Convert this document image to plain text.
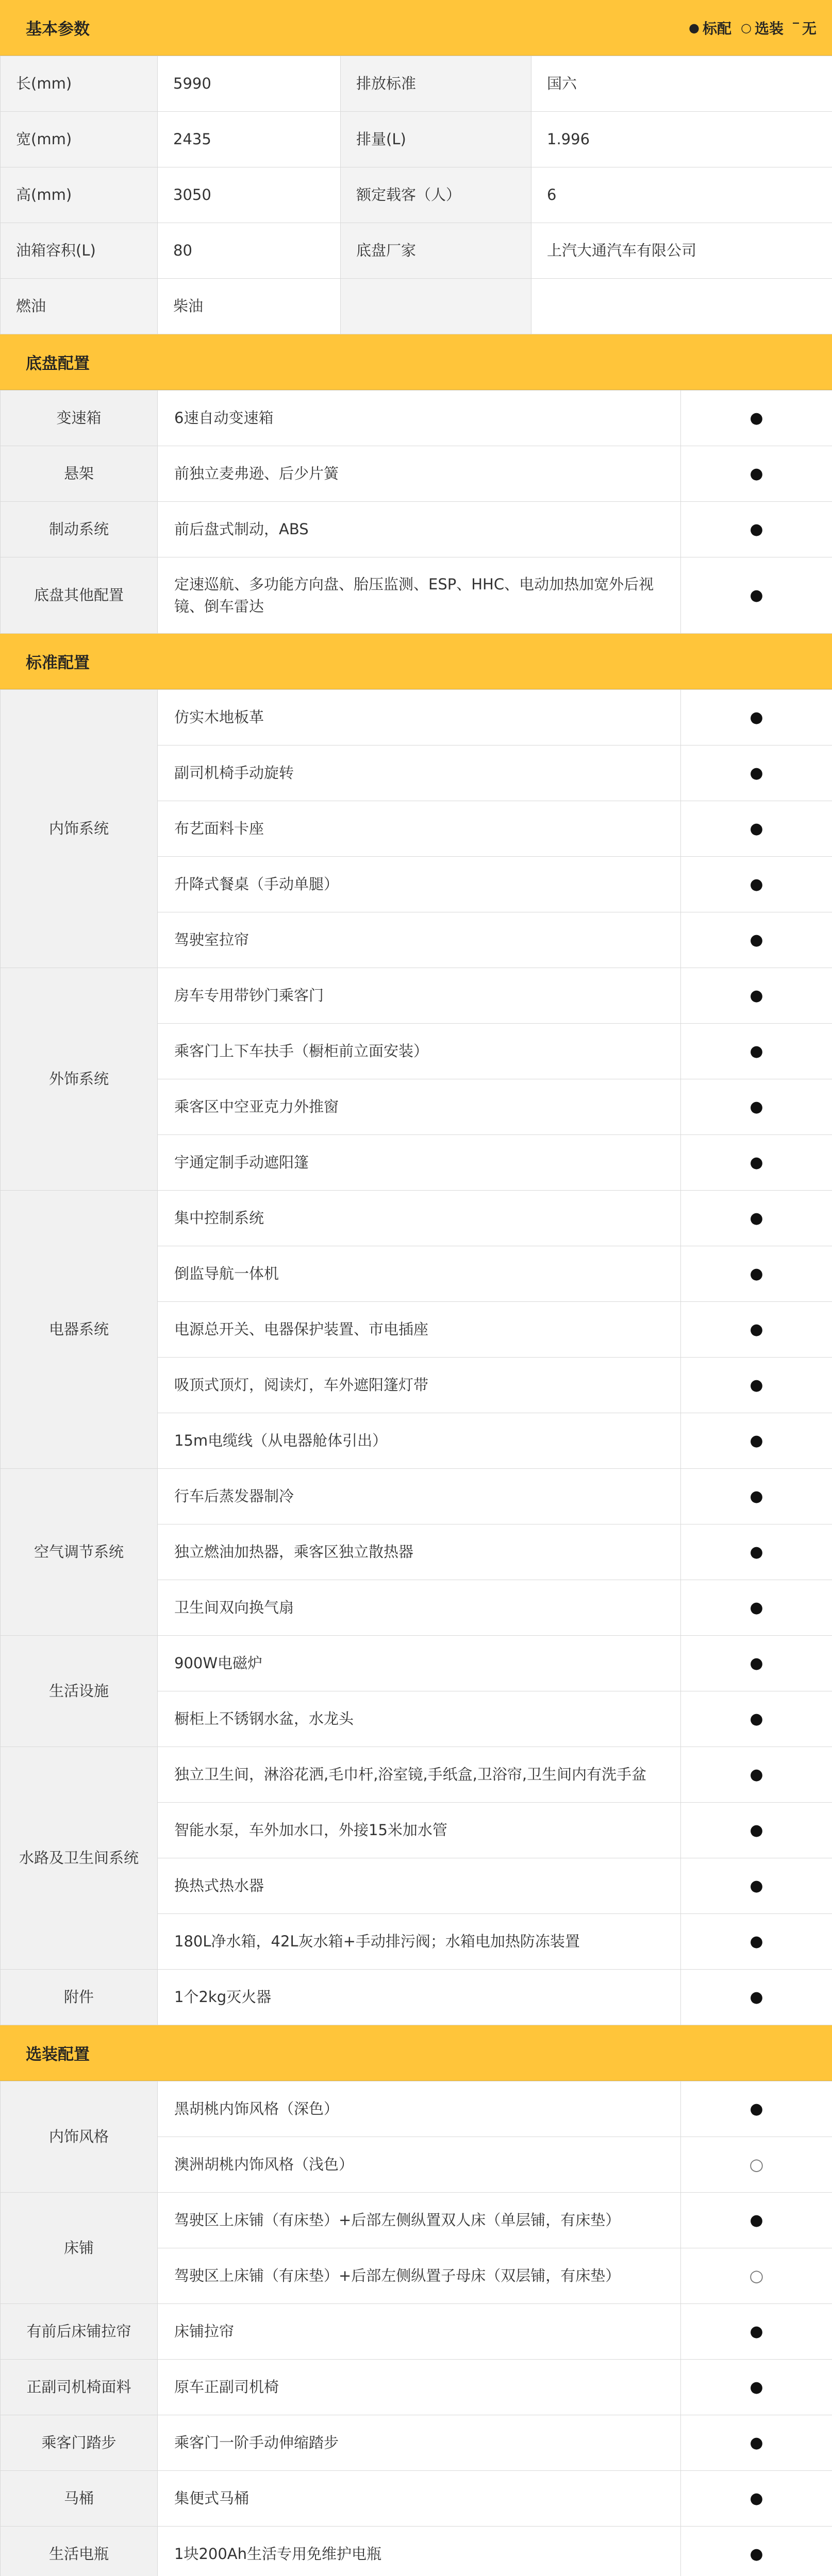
基本参数	● 标配 ○ 选装 ‾ 无
长(mm)	5990	排放标准	国六
宽(mm)	2435	排量(L)	1.996
高(mm)	3050	额定载客（人）	6
油箱容积(L)	80	底盘厂家	上汽大通汽车有限公司
燃油	柴油		
底盘配置
变速箱	6速自动变速箱	●
悬架	前独立麦弗逊、后少片簧	●
制动系统	前后盘式制动，ABS	●
底盘其他配置	定速巡航、多功能方向盘、胎压监测、ESP、HHC、电动加热加宽外后视镜、倒车雷达	●
标准配置
内饰系统	仿实木地板革	●
	副司机椅手动旋转	●
	布艺面料卡座	●
	升降式餐桌（手动单腿）	●
	驾驶室拉帘	●
外饰系统	房车专用带钞门乘客门	●
	乘客门上下车扶手（橱柜前立面安装）	●
	乘客区中空亚克力外推窗	●
	宇通定制手动遮阳篷	●
电器系统	集中控制系统	●
	倒监导航一体机	●
	电源总开关、电器保护装置、市电插座	●
	吸顶式顶灯，阅读灯，车外遮阳篷灯带	●
	15m电缆线（从电器舱体引出）	●
空气调节系统	行车后蒸发器制冷	●
	独立燃油加热器，乘客区独立散热器	●
	卫生间双向换气扇	●
生活设施	900W电磁炉	●
	橱柜上不锈钢水盆，水龙头	●
水路及卫生间系统	独立卫生间，淋浴花洒,毛巾杆,浴室镜,手纸盒,卫浴帘,卫生间内有洗手盆	●
	智能水泵，车外加水口，外接15米加水管	●
	换热式热水器	●
	180L净水箱，42L灰水箱+手动排污阀；水箱电加热防冻装置	●
附件	1个2kg灭火器	●
选装配置
内饰风格	黑胡桃内饰风格（深色）	●
	澳洲胡桃内饰风格（浅色）	○
床铺	驾驶区上床铺（有床垫）+后部左侧纵置双人床（单层铺，有床垫）	●
	驾驶区上床铺（有床垫）+后部左侧纵置子母床（双层铺，有床垫）	○
有前后床铺拉帘	床铺拉帘	●
正副司机椅面料	原车正副司机椅	●
乘客门踏步	乘客门一阶手动伸缩踏步	●
马桶	集便式马桶	●
生活电瓶	1块200Ah生活专用免维护电瓶	●
